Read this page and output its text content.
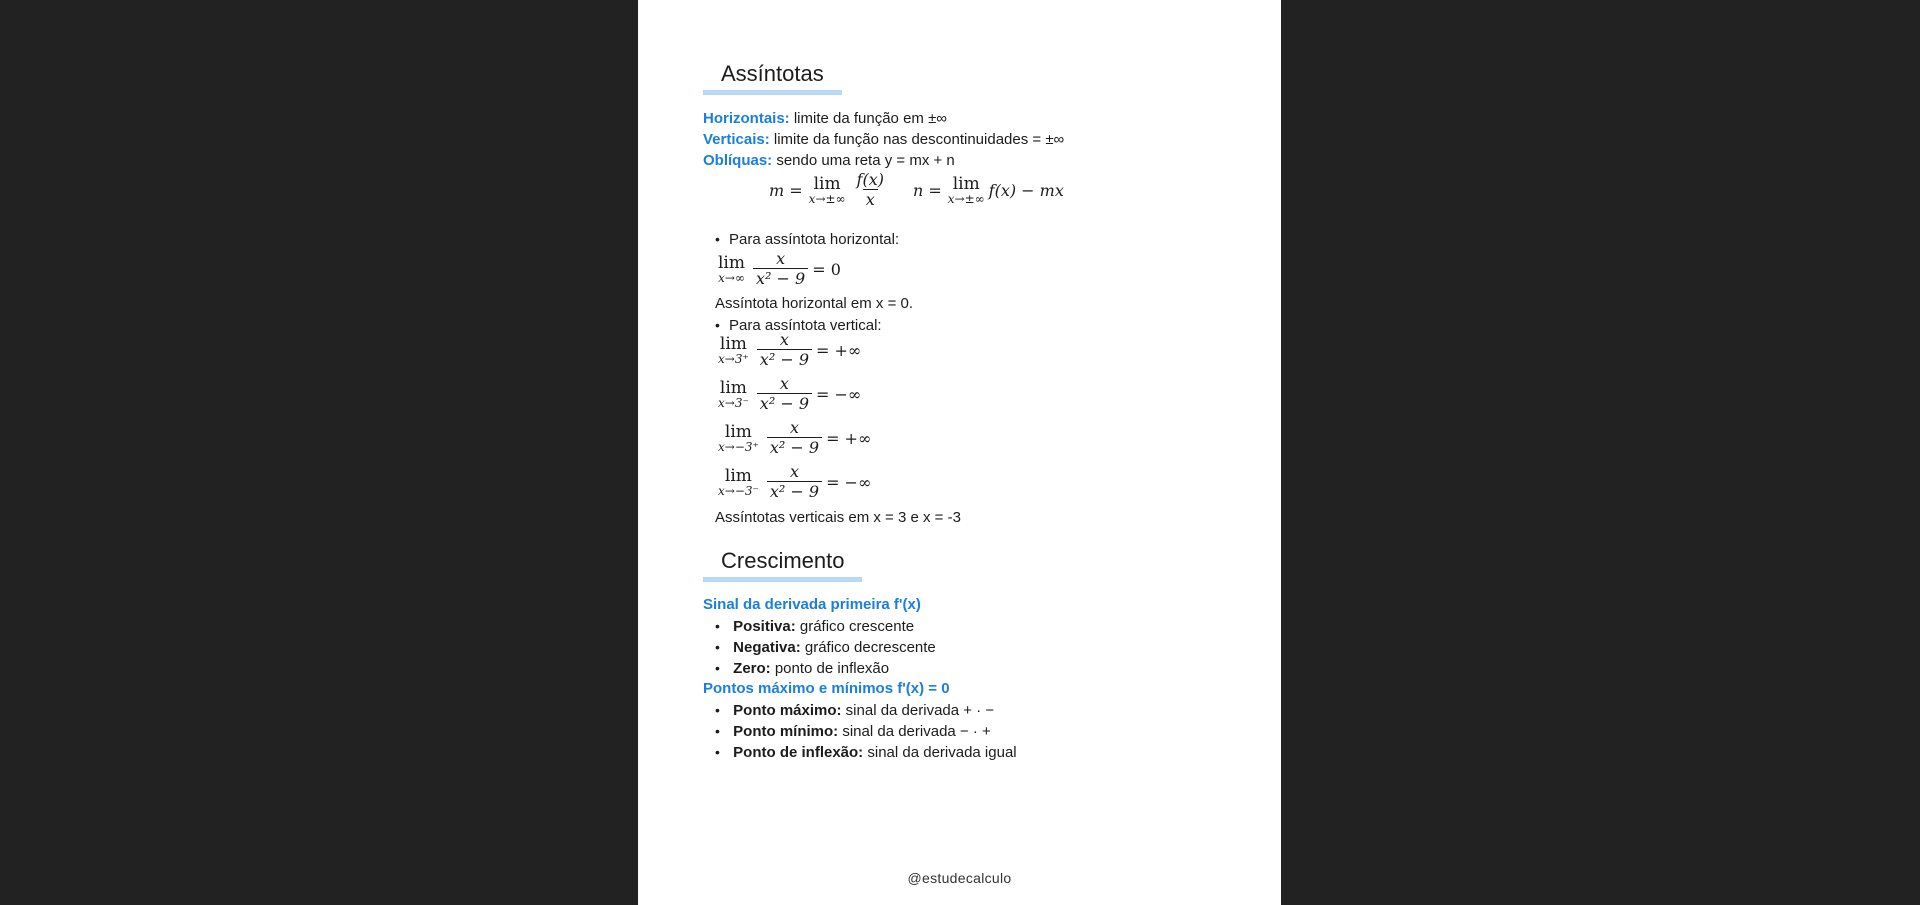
Assíntotas
Horizontais: limite da função em ±∞
Verticais: limite da função nas descontinuidades = ±∞
Oblíquas: sendo uma reta y = mx + n
m = lim
$x\to\pm\infty \frac{f(x)}{x}$ n = lim
x→±∞ f(x) − mx
• Para assíntota horizontal:
lim
$x\to\infty \frac{x}{\text{x² − 9}} = 0$
Assíntota horizontal em x = 0.
• Para assíntota vertical:
lim
$x\to 3^+ \frac{x}{\text{x² − 9}}$ = +∞
lim
$x\to 3^- \frac{x}{\text{x² − 9}}$ = −∞
lim
$x\to-3^+ \frac{x}{\text{x² − 9}}$ = +∞
lim
$x\to-3^- \frac{x}{\text{x² − 9}}$ = −∞
Assíntotas verticais em x = 3 e x = -3
Crescimento
Sinal da derivada primeira f'(x)
• Positiva: gráfico crescente
• Negativa: gráfico decrescente
• Zero: ponto de inflexão
Pontos máximo e mínimos f'(x) = 0
• Ponto máximo: sinal da derivada + · −
• Ponto mínimo: sinal da derivada − · +
• Ponto de inflexão: sinal da derivada igual
@estudecalculo
